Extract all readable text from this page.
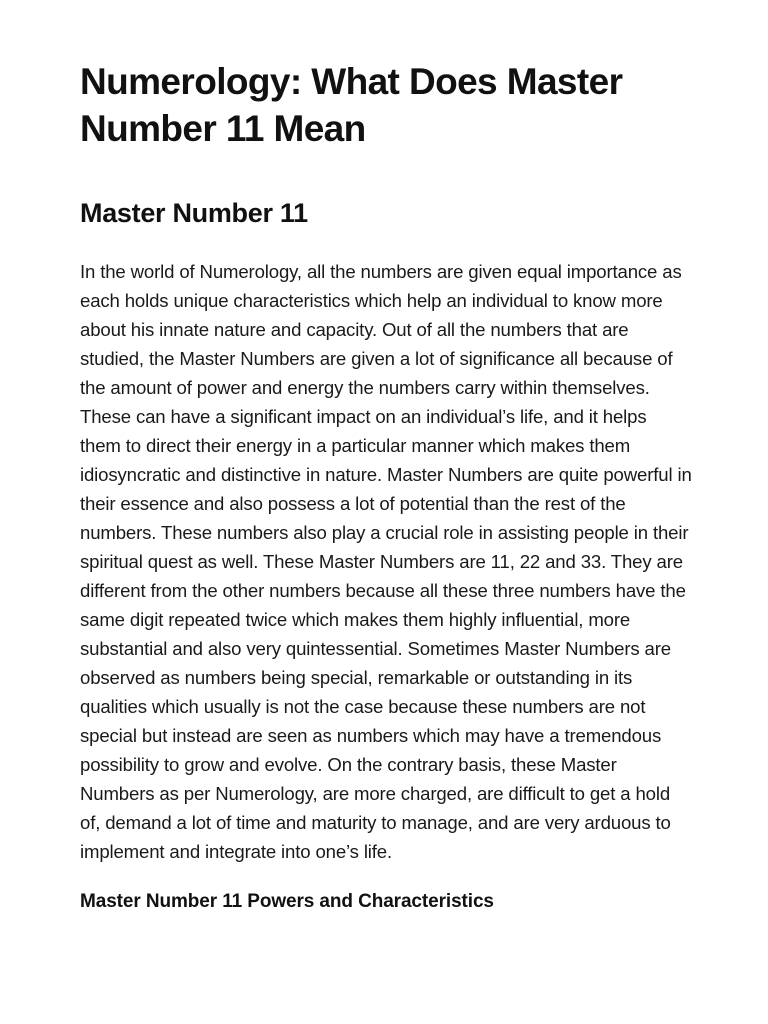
Numerology: What Does Master Number 11 Mean
Master Number 11

In the world of Numerology, all the numbers are given equal importance as each holds unique characteristics which help an individual to know more about his innate nature and capacity. Out of all the numbers that are studied, the Master Numbers are given a lot of significance all because of the amount of power and energy the numbers carry within themselves. These can have a significant impact on an individual’s life, and it helps them to direct their energy in a particular manner which makes them idiosyncratic and distinctive in nature. Master Numbers are quite powerful in their essence and also possess a lot of potential than the rest of the numbers. These numbers also play a crucial role in assisting people in their spiritual quest as well. These Master Numbers are 11, 22 and 33. They are different from the other numbers because all these three numbers have the same digit repeated twice which makes them highly influential, more substantial and also very quintessential. Sometimes Master Numbers are observed as numbers being special, remarkable or outstanding in its qualities which usually is not the case because these numbers are not special but instead are seen as numbers which may have a tremendous possibility to grow and evolve. On the contrary basis, these Master Numbers as per Numerology, are more charged, are difficult to get a hold of, demand a lot of time and maturity to manage, and are very arduous to implement and integrate into one’s life.

Master Number 11 Powers and Characteristics
